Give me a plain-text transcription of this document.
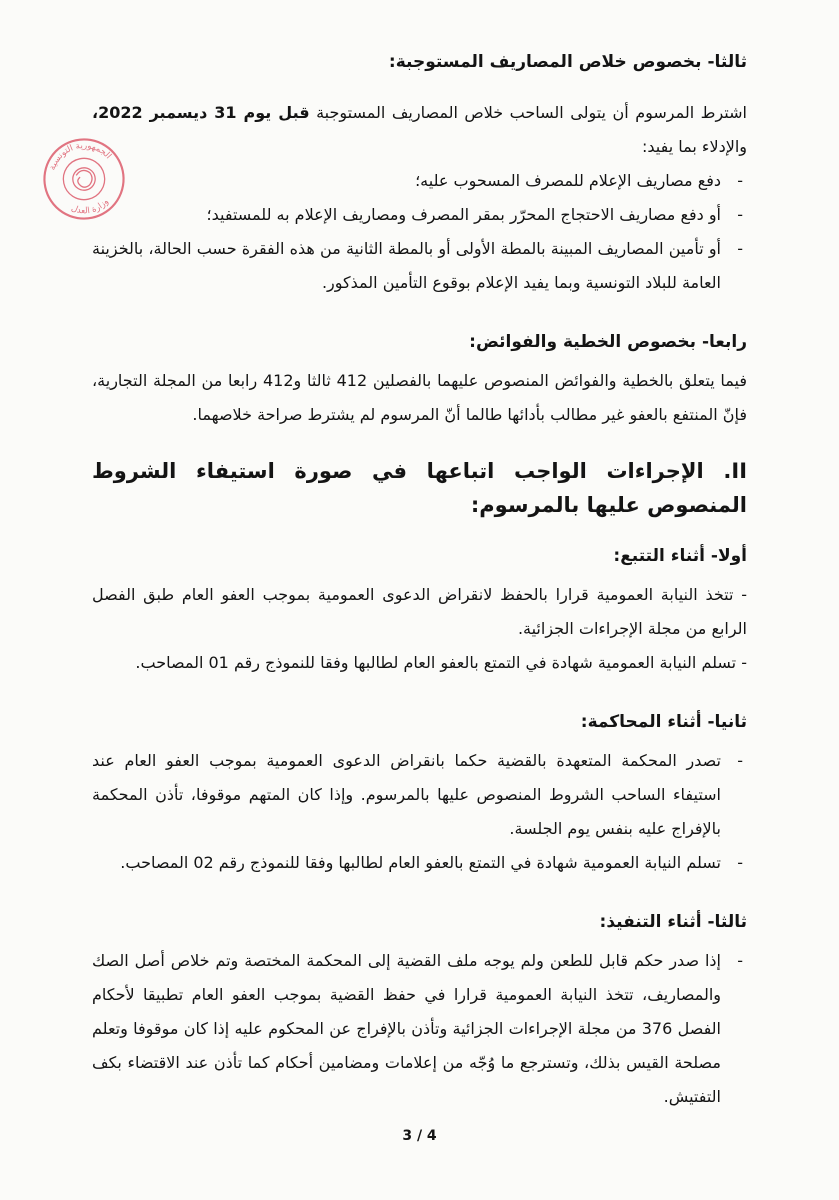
ثالثا- بخصوص خلاص المصاريف المستوجبة:

اشترط المرسوم أن يتولى الساحب خلاص المصاريف المستوجبة قبل يوم 31 ديسمبر 2022، والإدلاء بما يفيد:

- دفع مصاريف الإعلام للمصرف المسحوب عليه؛
- أو دفع مصاريف الاحتجاج المحرّر بمقر المصرف ومصاريف الإعلام به للمستفيد؛
- أو تأمين المصاريف المبينة بالمطة الأولى أو بالمطة الثانية من هذه الفقرة حسب الحالة، بالخزينة العامة للبلاد التونسية وبما يفيد الإعلام بوقوع التأمين المذكور.

رابعا- بخصوص الخطية والفوائض:

فيما يتعلق بالخطية والفوائض المنصوص عليهما بالفصلين 412 ثالثا و412 رابعا من المجلة التجارية، فإنّ المنتفع بالعفو غير مطالب بأدائها طالما أنّ المرسوم لم يشترط صراحة خلاصهما.

II. الإجراءات الواجب اتباعها في صورة استيفاء الشروط المنصوص عليها بالمرسوم:

أولا- أثناء التتبع:

- تتخذ النيابة العمومية قرارا بالحفظ لانقراض الدعوى العمومية بموجب العفو العام طبق الفصل الرابع من مجلة الإجراءات الجزائية.

- تسلم النيابة العمومية شهادة في التمتع بالعفو العام لطالبها وفقا للنموذج رقم 01 المصاحب.

ثانيا- أثناء المحاكمة:

- تصدر المحكمة المتعهدة بالقضية حكما بانقراض الدعوى العمومية بموجب العفو العام عند استيفاء الساحب الشروط المنصوص عليها بالمرسوم. وإذا كان المتهم موقوفا، تأذن المحكمة بالإفراج عليه بنفس يوم الجلسة.
- تسلم النيابة العمومية شهادة في التمتع بالعفو العام لطالبها وفقا للنموذج رقم 02 المصاحب.

ثالثا- أثناء التنفيذ:

- إذا صدر حكم قابل للطعن ولم يوجه ملف القضية إلى المحكمة المختصة وتم خلاص أصل الصك والمصاريف، تتخذ النيابة العمومية قرارا في حفظ القضية بموجب العفو العام تطبيقا لأحكام الفصل 376 من مجلة الإجراءات الجزائية وتأذن بالإفراج عن المحكوم عليه إذا كان موقوفا وتعلم مصلحة القيس بذلك، وتسترجع ما وُجّه من إعلامات ومضامين أحكام كما تأذن عند الاقتضاء بكف التفتيش.
الجمهورية التونسية
وزارة العدل
3 / 4
